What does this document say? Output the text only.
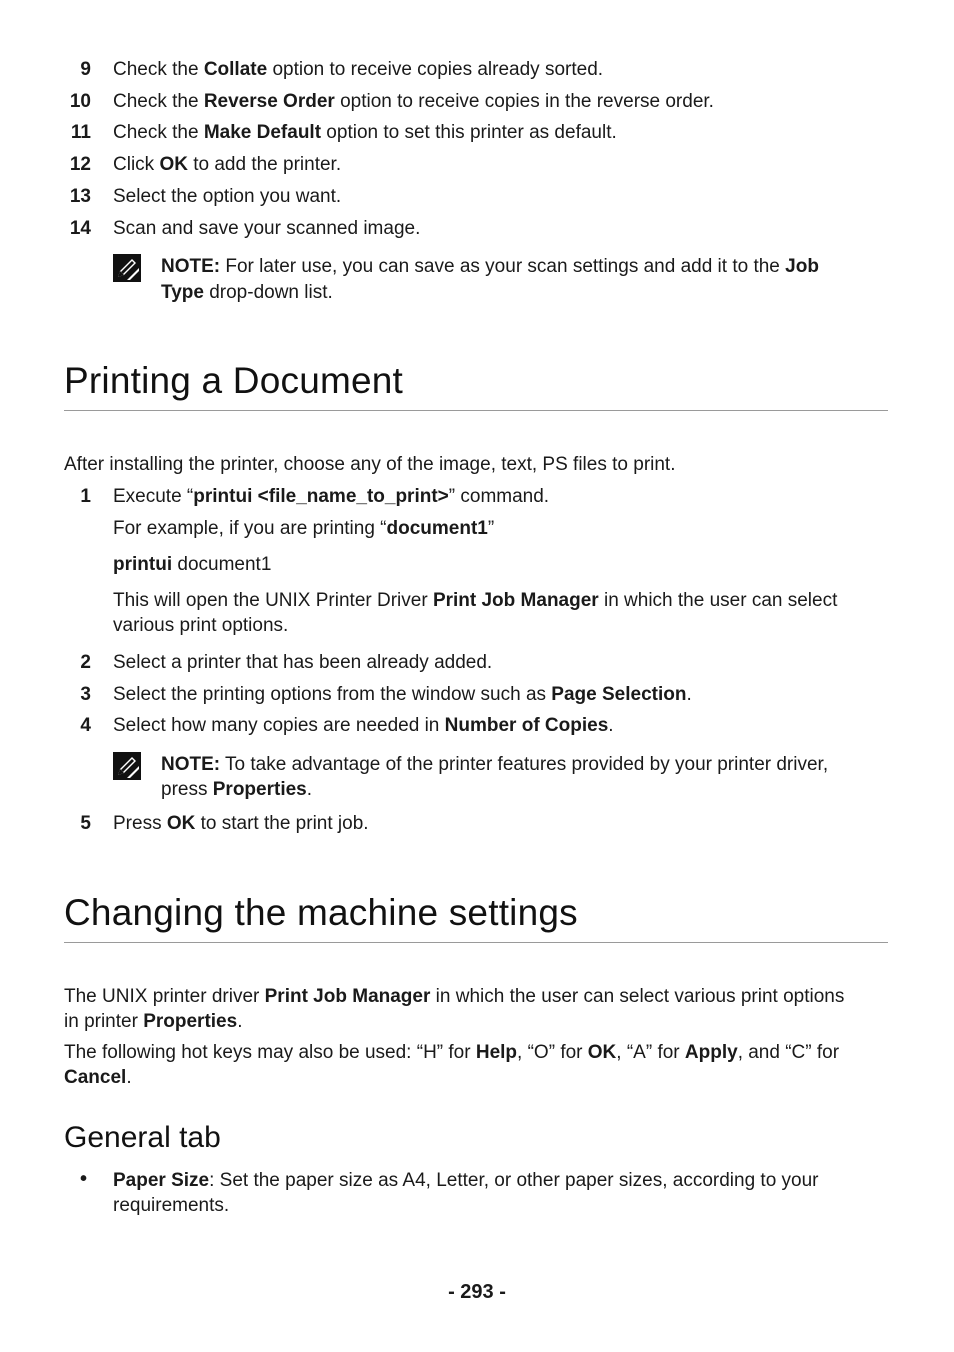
9 Check the Collate option to receive copies already sorted.
10 Check the Reverse Order option to receive copies in the reverse order.
11 Check the Make Default option to set this printer as default.
12 Click OK to add the printer.
13 Select the option you want.
14 Scan and save your scanned image.
NOTE: For later use, you can save as your scan settings and add it to the Job
Type drop-down list.
Printing a Document
After installing the printer, choose any of the image, text, PS files to print.
1 Execute “printui <file_name_to_print>” command.
For example, if you are printing “document1”
printui document1
This will open the UNIX Printer Driver Print Job Manager in which the user can select
various print options.
2 Select a printer that has been already added.
3 Select the printing options from the window such as Page Selection.
4 Select how many copies are needed in Number of Copies.
NOTE: To take advantage of the printer features provided by your printer driver,
press Properties.
5 Press OK to start the print job.
Changing the machine settings
The UNIX printer driver Print Job Manager in which the user can select various print options
in printer Properties.
The following hot keys may also be used: “H” for Help, “O” for OK, “A” for Apply, and “C” for
Cancel.
General tab
• Paper Size: Set the paper size as A4, Letter, or other paper sizes, according to your
requirements.
- 293 -
